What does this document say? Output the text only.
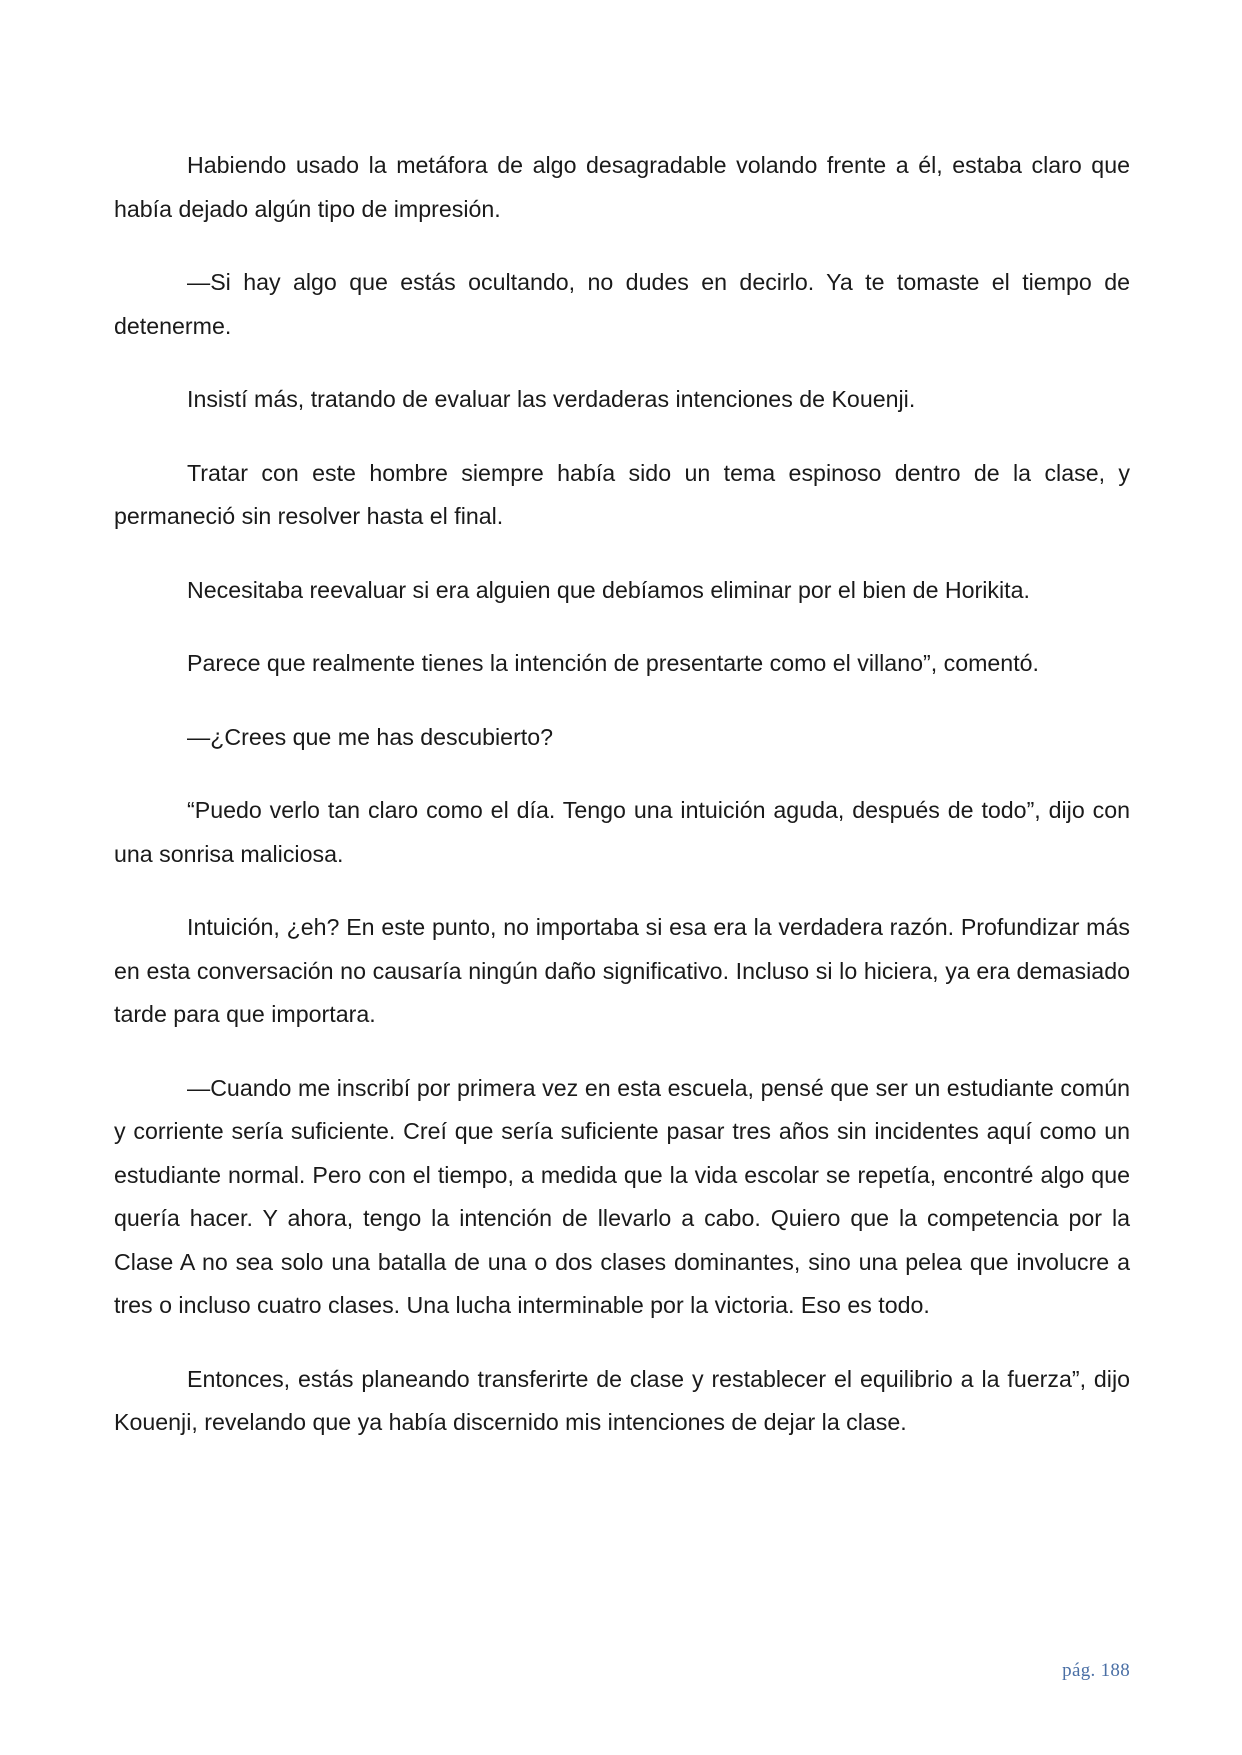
Habiendo usado la metáfora de algo desagradable volando frente a él, estaba claro que había dejado algún tipo de impresión.

—Si hay algo que estás ocultando, no dudes en decirlo. Ya te tomaste el tiempo de detenerme.

Insistí más, tratando de evaluar las verdaderas intenciones de Kouenji.

Tratar con este hombre siempre había sido un tema espinoso dentro de la clase, y permaneció sin resolver hasta el final.

Necesitaba reevaluar si era alguien que debíamos eliminar por el bien de Horikita.

Parece que realmente tienes la intención de presentarte como el villano”, comentó.

—¿Crees que me has descubierto?

“Puedo verlo tan claro como el día. Tengo una intuición aguda, después de todo”, dijo con una sonrisa maliciosa.

Intuición, ¿eh? En este punto, no importaba si esa era la verdadera razón. Profundizar más en esta conversación no causaría ningún daño significativo. Incluso si lo hiciera, ya era demasiado tarde para que importara.

—Cuando me inscribí por primera vez en esta escuela, pensé que ser un estudiante común y corriente sería suficiente. Creí que sería suficiente pasar tres años sin incidentes aquí como un estudiante normal. Pero con el tiempo, a medida que la vida escolar se repetía, encontré algo que quería hacer. Y ahora, tengo la intención de llevarlo a cabo. Quiero que la competencia por la Clase A no sea solo una batalla de una o dos clases dominantes, sino una pelea que involucre a tres o incluso cuatro clases. Una lucha interminable por la victoria. Eso es todo.

Entonces, estás planeando transferirte de clase y restablecer el equilibrio a la fuerza”, dijo Kouenji, revelando que ya había discernido mis intenciones de dejar la clase.

pág. 188
